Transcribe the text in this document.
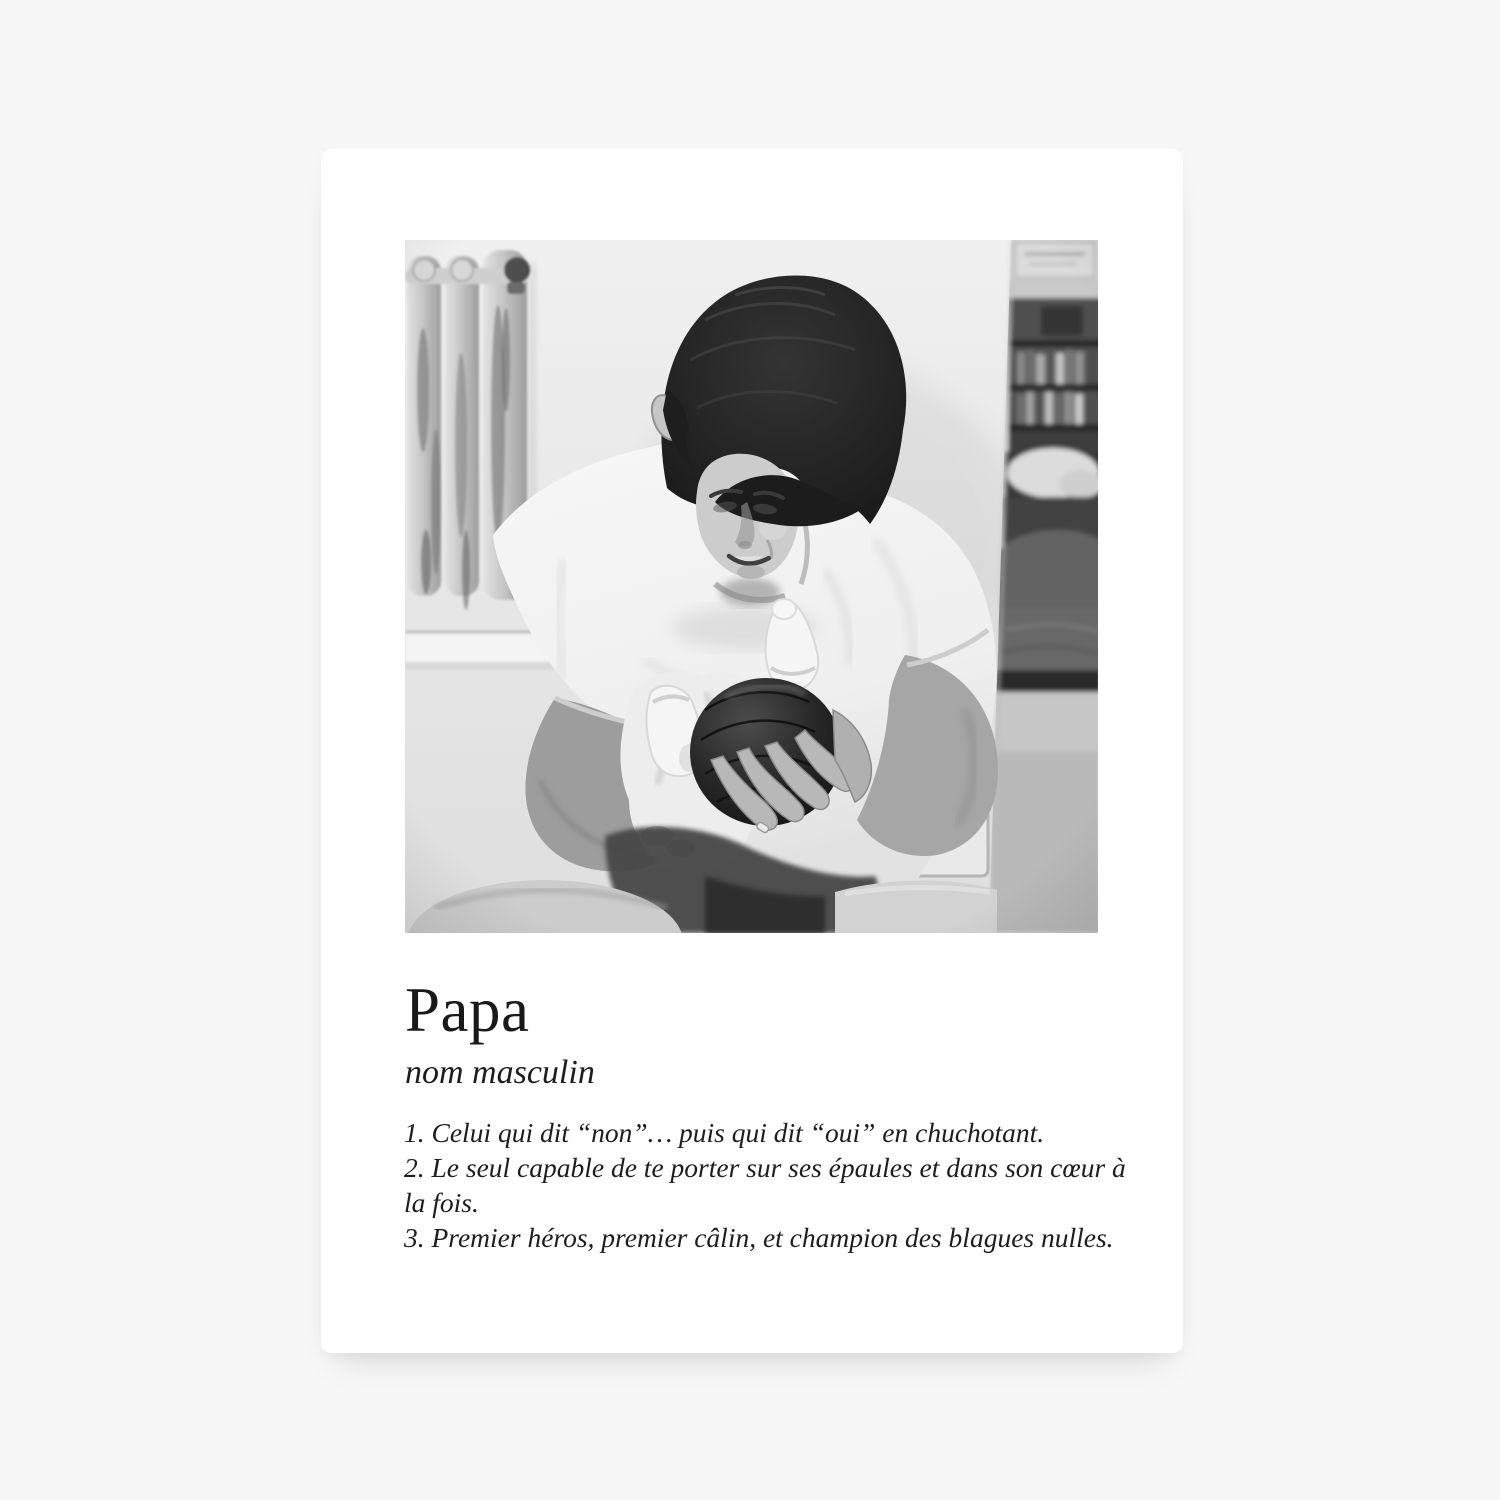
Papa
nom masculin

1. Celui qui dit “non”… puis qui dit “oui” en chuchotant.

2. Le seul capable de te porter sur ses épaules et dans son cœur à la fois.

3. Premier héros, premier câlin, et champion des blagues nulles.
